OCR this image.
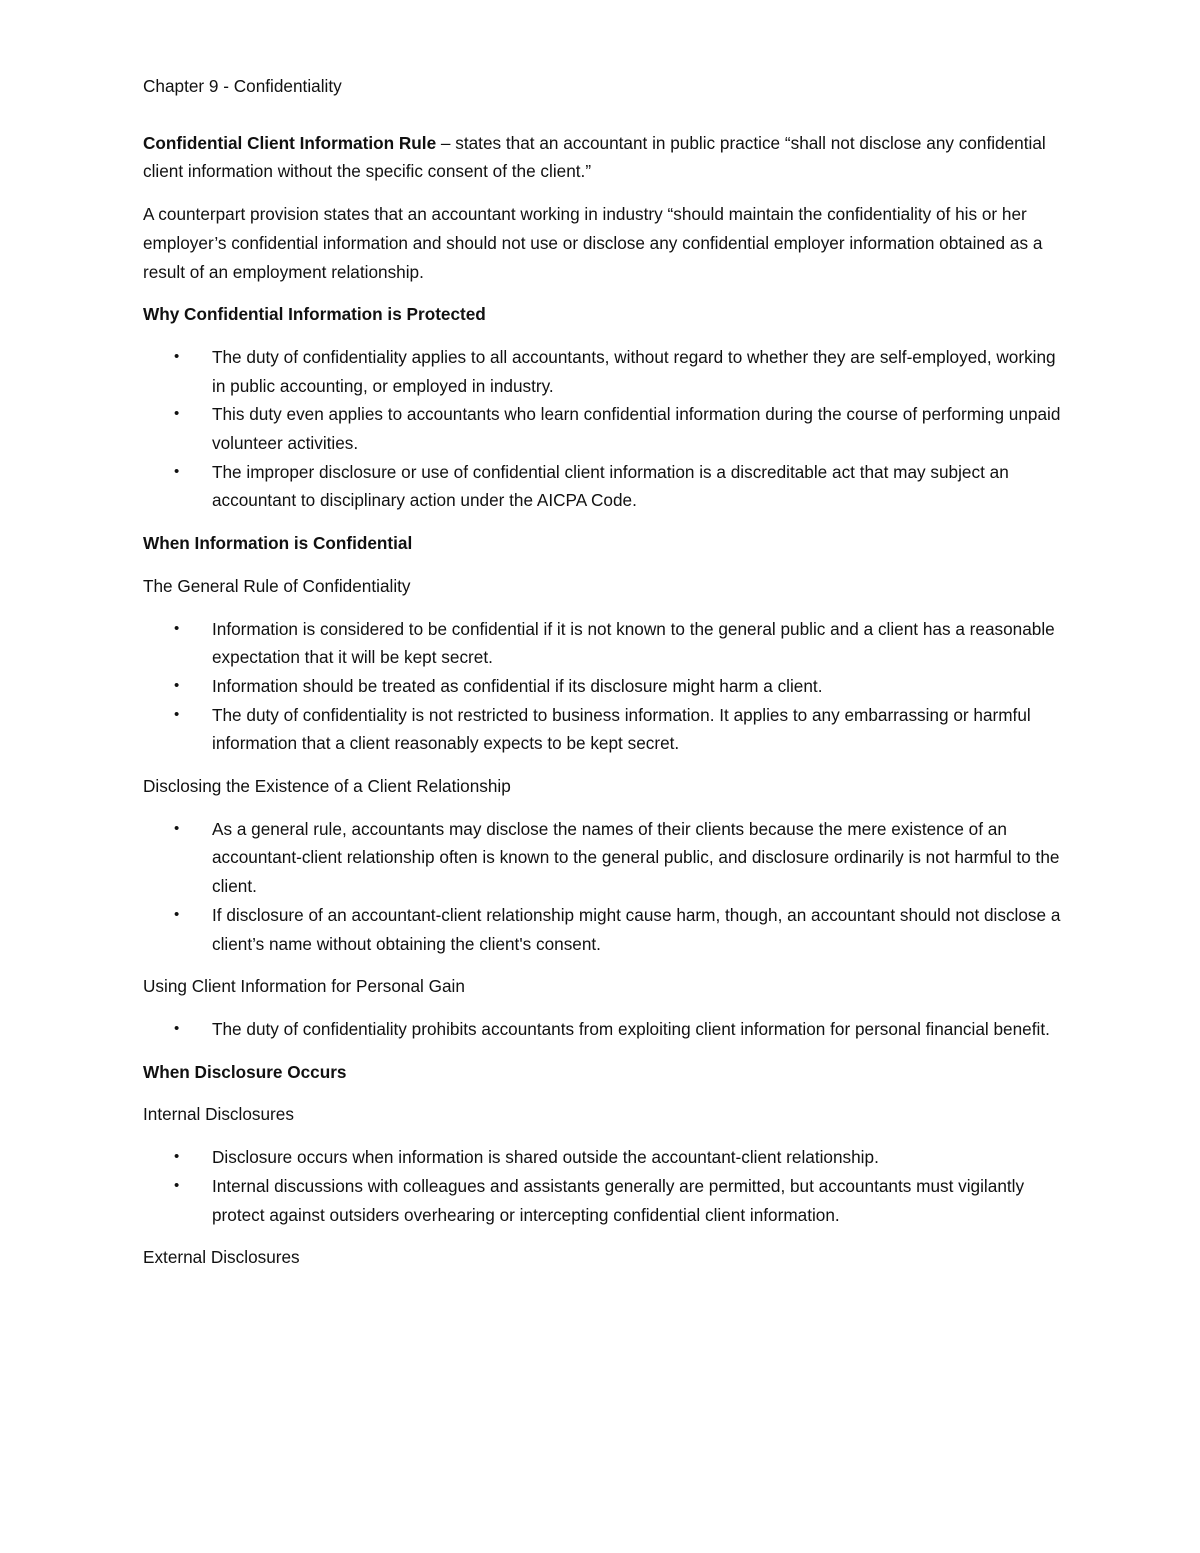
Chapter 9 - Confidentiality

Confidential Client Information Rule – states that an accountant in public practice “shall not disclose any confidential client information without the specific consent of the client.”

A counterpart provision states that an accountant working in industry “should maintain the confidentiality of his or her employer’s confidential information and should not use or disclose any confidential employer information obtained as a result of an employment relationship.

Why Confidential Information is Protected

• The duty of confidentiality applies to all accountants, without regard to whether they are self-employed, working in public accounting, or employed in industry.
• This duty even applies to accountants who learn confidential information during the course of performing unpaid volunteer activities.
• The improper disclosure or use of confidential client information is a discreditable act that may subject an accountant to disciplinary action under the AICPA Code.

When Information is Confidential

The General Rule of Confidentiality

• Information is considered to be confidential if it is not known to the general public and a client has a reasonable expectation that it will be kept secret.
• Information should be treated as confidential if its disclosure might harm a client.
• The duty of confidentiality is not restricted to business information. It applies to any embarrassing or harmful information that a client reasonably expects to be kept secret.

Disclosing the Existence of a Client Relationship

• As a general rule, accountants may disclose the names of their clients because the mere existence of an accountant-client relationship often is known to the general public, and disclosure ordinarily is not harmful to the client.
• If disclosure of an accountant-client relationship might cause harm, though, an accountant should not disclose a client’s name without obtaining the client's consent.

Using Client Information for Personal Gain

• The duty of confidentiality prohibits accountants from exploiting client information for personal financial benefit.

When Disclosure Occurs

Internal Disclosures

• Disclosure occurs when information is shared outside the accountant-client relationship.
• Internal discussions with colleagues and assistants generally are permitted, but accountants must vigilantly protect against outsiders overhearing or intercepting confidential client information.

External Disclosures
